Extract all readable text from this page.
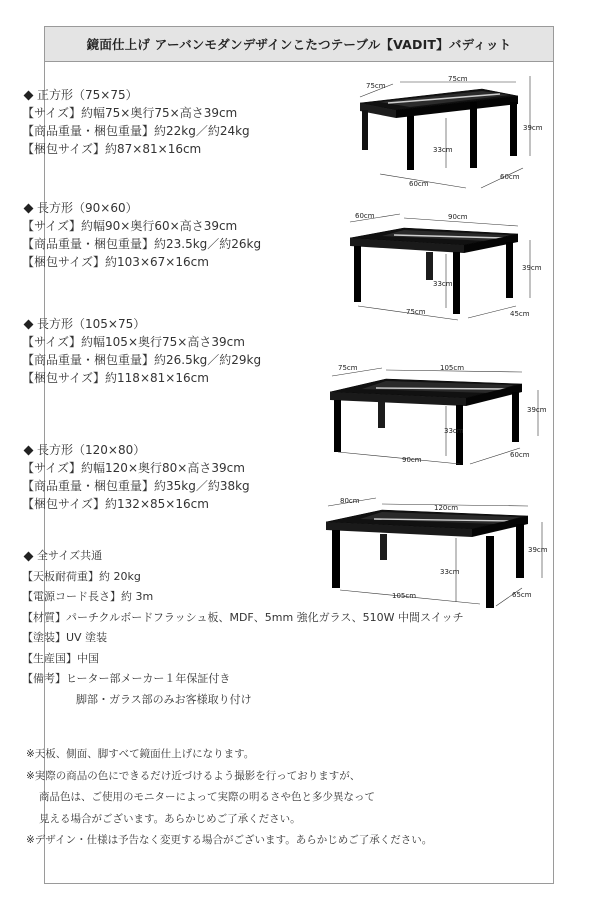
鏡面仕上げ アーバンモダンデザインこたつテーブル【VADIT】バディット
正方形（75×75）
【サイズ】約幅75×奥行75×高さ39cm
【商品重量・梱包重量】約22kg／約24kg
【梱包サイズ】約87×81×16cm
長方形（90×60）
【サイズ】約幅90×奥行60×高さ39cm
【商品重量・梱包重量】約23.5kg／約26kg
【梱包サイズ】約103×67×16cm
長方形（105×75）
【サイズ】約幅105×奥行75×高さ39cm
【商品重量・梱包重量】約26.5kg／約29kg
【梱包サイズ】約118×81×16cm
長方形（120×80）
【サイズ】約幅120×奥行80×高さ39cm
【商品重量・梱包重量】約35kg／約38kg
【梱包サイズ】約132×85×16cm
全サイズ共通
【天板耐荷重】約 20kg
【電源コード長さ】約 3m
【材質】パーチクルボードフラッシュ板、MDF、5mm 強化ガラス、510W 中間スイッチ
【塗装】UV 塗装
【生産国】中国
【備考】ヒーター部メーカー１年保証付き
脚部・ガラス部のみお客様取り付け
※天板、側面、脚すべて鏡面仕上げになります。
※実際の商品の色にできるだけ近づけるよう撮影を行っておりますが、
商品色は、ご使用のモニターによって実際の明るさや色と多少異なって
見える場合がございます。あらかじめご了承ください。
※デザイン・仕様は予告なく変更する場合がございます。あらかじめご了承ください。
75cm
75cm
39cm
33cm
60cm
60cm
60cm	90cm
39cm
33cm
75cm	45cm
75cm	105cm
39cm
33cm
90cm
60cm
80cm
120cm
39cm
33cm
105cm	65cm
